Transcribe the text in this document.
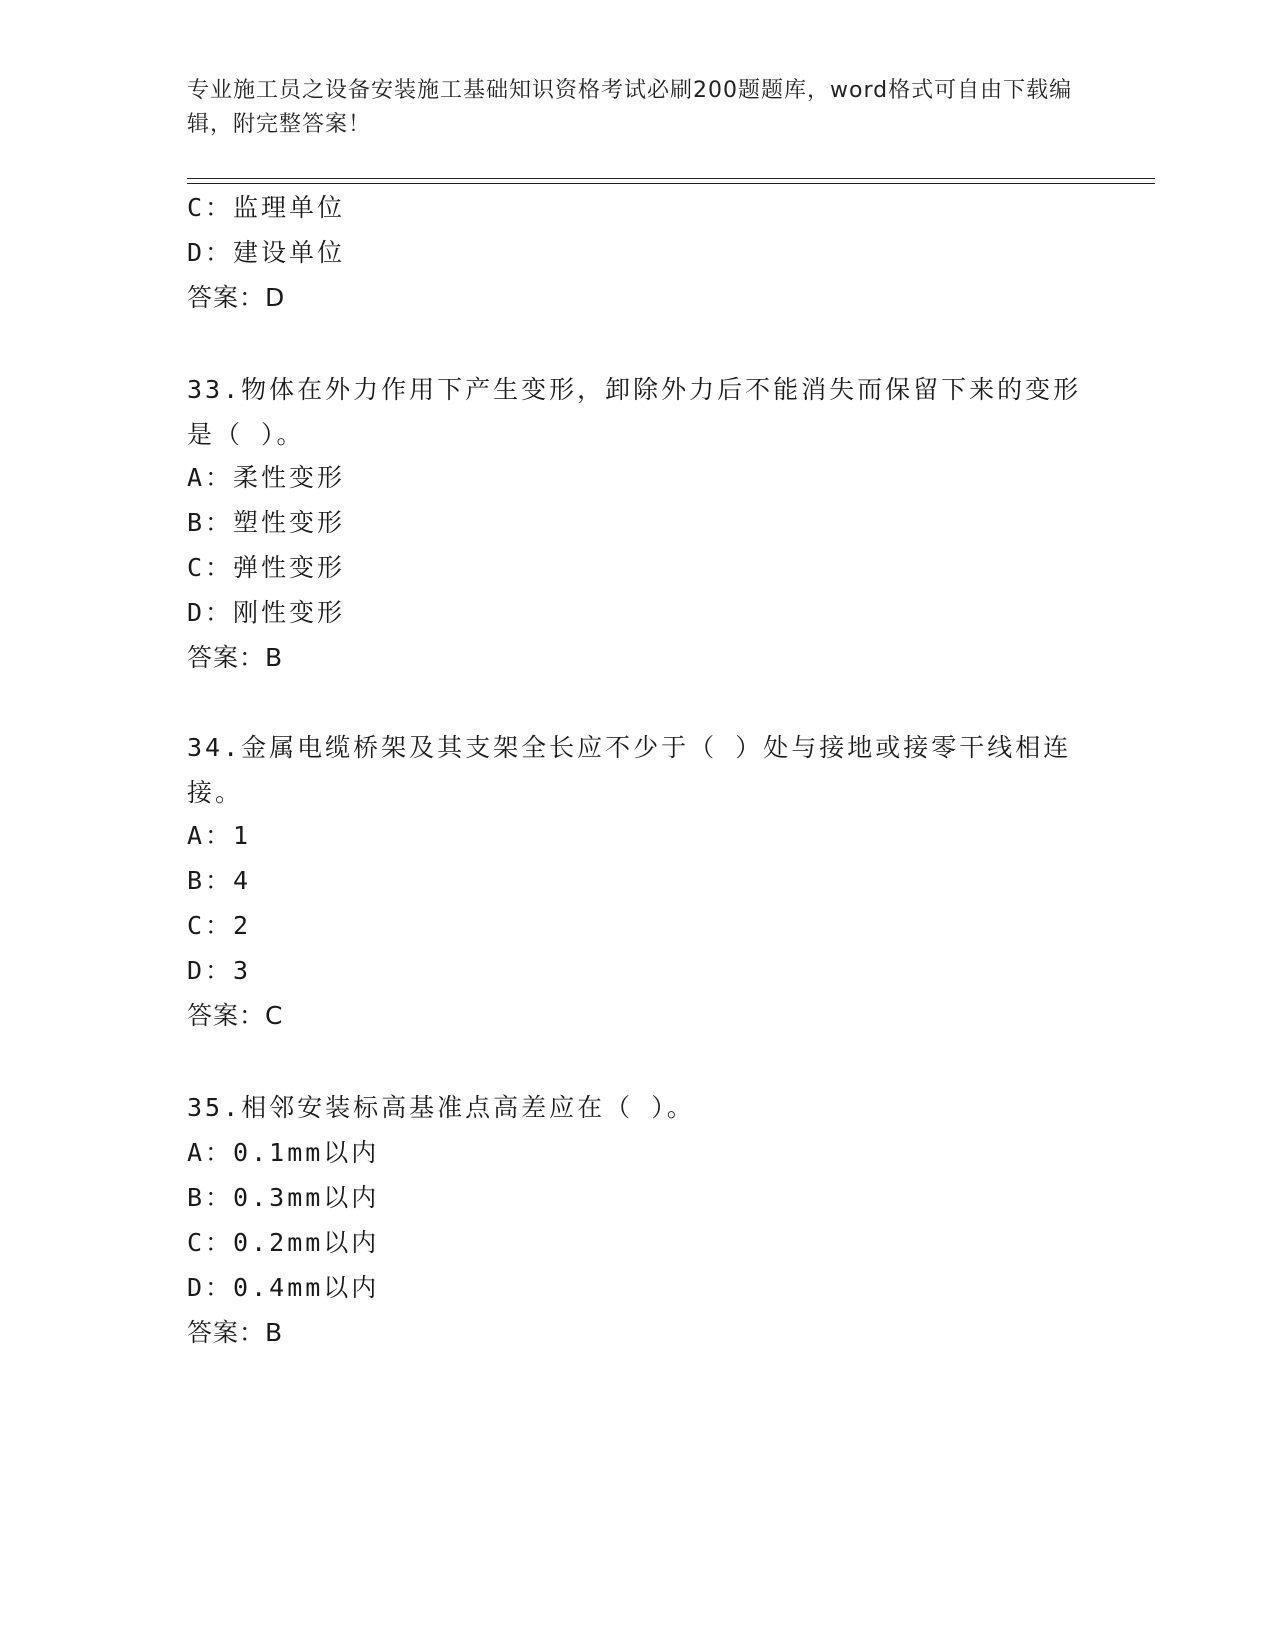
专业施工员之设备安装施工基础知识资格考试必刷200题题库，word格式可自由下载编辑，附完整答案！
C：监理单位
D：建设单位
答案：D
33.物体在外力作用下产生变形，卸除外力后不能消失而保留下来的变形是（ ）。
A：柔性变形
B：塑性变形
C：弹性变形
D：刚性变形
答案：B
34.金属电缆桥架及其支架全长应不少于（ ）处与接地或接零干线相连接。
A：1
B：4
C：2
D：3
答案：C
35.相邻安装标高基准点高差应在（ ）。
A：0.1mm以内
B：0.3mm以内
C：0.2mm以内
D：0.4mm以内
答案：B
